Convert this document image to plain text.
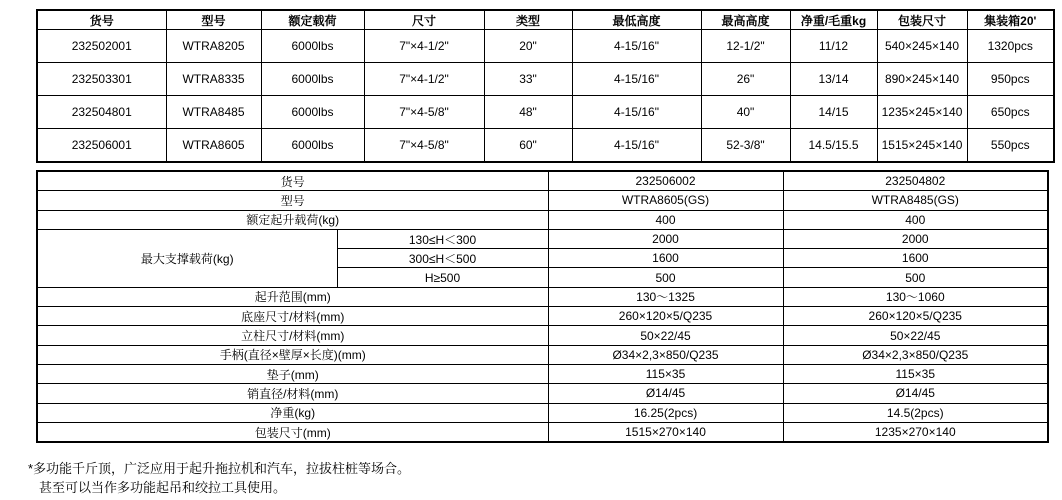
货号	型号	额定载荷	尺寸	类型	最低高度	最高高度	净重/毛重kg	包装尺寸	集装箱20'
232502001	WTRA8205	6000lbs	7"×4-1/2"	20"	4-15/16"	12-1/2"	11/12	540×245×140	1320pcs
232503301	WTRA8335	6000lbs	7"×4-1/2"	33"	4-15/16"	26"	13/14	890×245×140	950pcs
232504801	WTRA8485	6000lbs	7"×4-5/8"	48"	4-15/16"	40"	14/15	1235×245×140	650pcs
232506001	WTRA8605	6000lbs	7"×4-5/8"	60"	4-15/16"	52-3/8"	14.5/15.5	1515×245×140	550pcs
货号		232506002	232504802
型号		WTRA8605(GS)	WTRA8485(GS)
额定起升载荷(kg)		400	400
最大支撑载荷(kg)	130≤H＜300	2000	2000
	300≤H＜500	1600	1600
	H≥500	500	500
起升范围(mm)		130～1325	130～1060
底座尺寸/材料(mm)		260×120×5/Q235	260×120×5/Q235
立柱尺寸/材料(mm)		50×22/45	50×22/45
手柄(直径×壁厚×长度)(mm)		Ø34×2,3×850/Q235	Ø34×2,3×850/Q235
垫子(mm)		115×35	115×35
销直径/材料(mm)		Ø14/45	Ø14/45
净重(kg)		16.25(2pcs)	14.5(2pcs)
包装尺寸(mm)		1515×270×140	1235×270×140
*多功能千斤顶，广泛应用于起升拖拉机和汽车，拉拔柱桩等场合。
甚至可以当作多功能起吊和绞拉工具使用。
